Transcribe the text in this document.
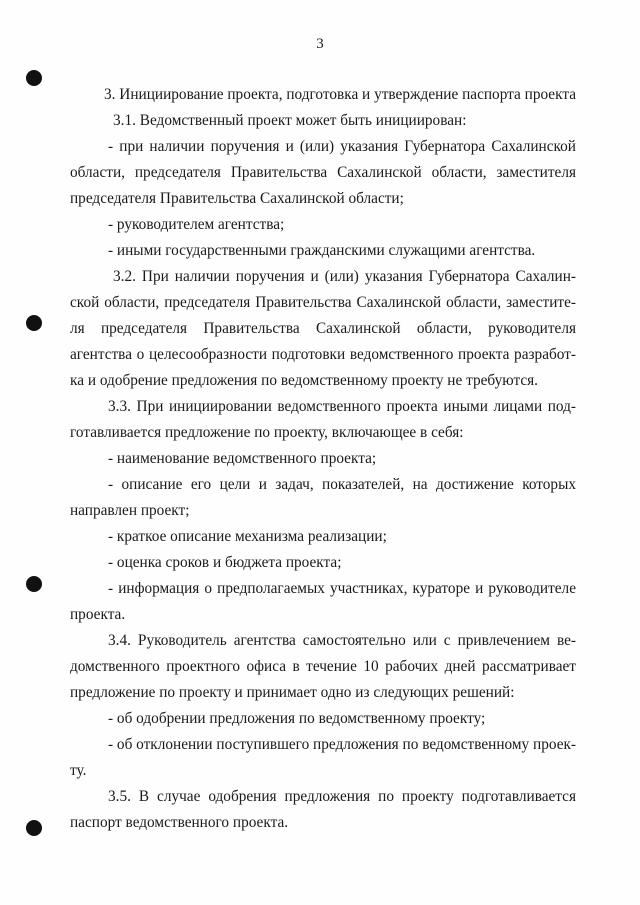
3
3. Инициирование проекта, подготовка и утверждение паспорта проекта
3.1. Ведомственный проект может быть инициирован:
- при наличии поручения и (или) указания Губернатора Сахалинской
области, председателя Правительства Сахалинской области, заместителя
председателя Правительства Сахалинской области;
- руководителем агентства;
- иными государственными гражданскими служащими агентства.
3.2. При наличии поручения и (или) указания Губернатора Сахалин-
ской области, председателя Правительства Сахалинской области, заместите-
ля председателя Правительства Сахалинской области, руководителя
агентства о целесообразности подготовки ведомственного проекта разработ-
ка и одобрение предложения по ведомственному проекту не требуются.
3.3. При инициировании ведомственного проекта иными лицами под-
готавливается предложение по проекту, включающее в себя:
- наименование ведомственного проекта;
- описание его цели и задач, показателей, на достижение которых
направлен проект;
- краткое описание механизма реализации;
- оценка сроков и бюджета проекта;
- информация о предполагаемых участниках, кураторе и руководителе
проекта.
3.4. Руководитель агентства самостоятельно или с привлечением ве-
домственного проектного офиса в течение 10 рабочих дней рассматривает
предложение по проекту и принимает одно из следующих решений:
- об одобрении предложения по ведомственному проекту;
- об отклонении поступившего предложения по ведомственному проек-
ту.
3.5. В случае одобрения предложения по проекту подготавливается
паспорт ведомственного проекта.
